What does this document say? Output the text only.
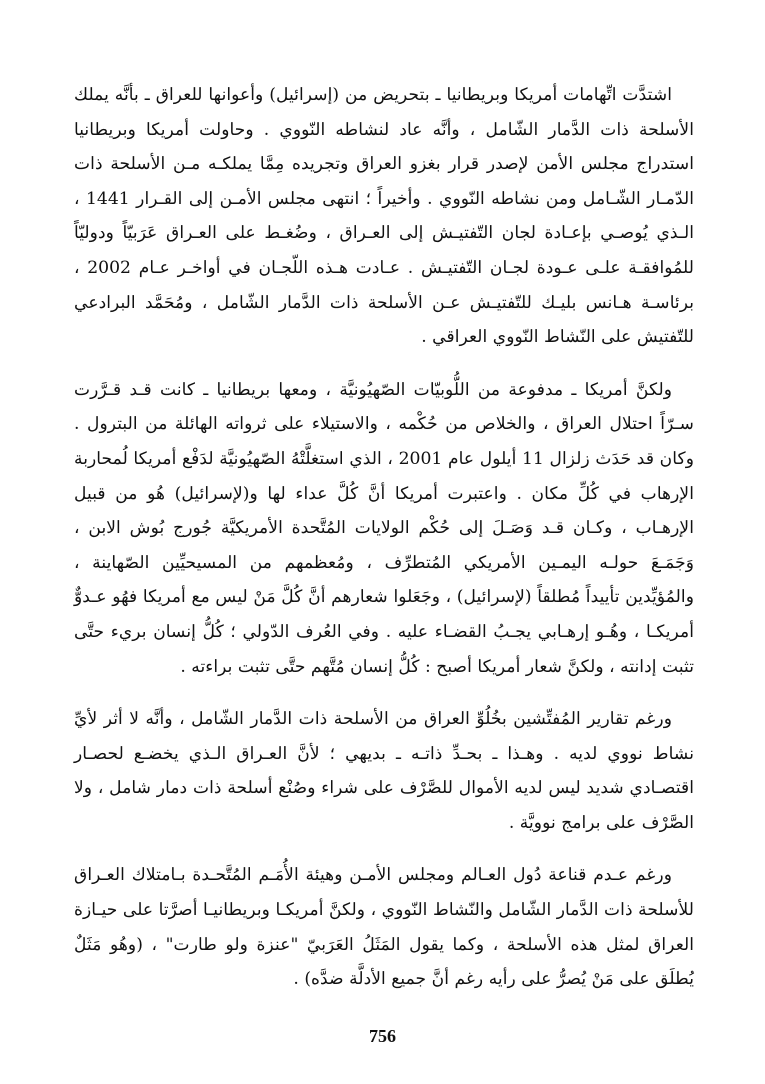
اشتدَّت اتِّهامات أمريكا وبريطانيا ـ بتحريض من (إسرائيل) وأعوانها للعراق ـ بأنَّه يملك الأسلحة ذات الدَّمار الشّامل ، وأنَّه عاد لنشاطه النّووي . وحاولت أمريكا وبريطانيا استدراج مجلس الأمن لإصدر قرار بغزو العراق وتجريده مِمَّا يملكـه مـن الأسلحة ذات الدّمـار الشّـامل ومن نشاطه النّووي . وأخيراً ؛ انتهى مجلس الأمـن إلى القـرار 1441 ، الـذي يُوصـي بإعـادة لجان التّفتيـش إلى العـراق ، وضُغـط على العـراق عَرَبيّاً ودوليّاً للمُوافقـة علـى عـودة لجـان التّفتيـش . عـادت هـذه اللّجـان في أواخـر عـام 2002 ، برئاسـة هـانس بليـك للتّفتيـش عـن الأسلحة ذات الدَّمار الشّامل ، ومُحَمَّد البرادعي للتّفتيش على النّشاط النّووي العراقي .

ولكنَّ أمريكا ـ مدفوعة من اللُّوبيّات الصّهيُونيَّة ، ومعها بريطانيا ـ كانت قـد قـرَّرت سـرّاً احتلال العراق ، والخلاص من حُكْمه ، والاستيلاء على ثرواته الهائلة من البترول . وكان قد حَدَث زلزال 11 أيلول عام 2001 ، الذي استغلَّتْهُ الصّهيُونيَّة لدَفْع أمريكا لُمحاربة الإرهاب في كُلِّ مكان . واعتبرت أمريكا أنَّ كُلَّ عداء لها و(لإسرائيل) هُو من قبيل الإرهـاب ، وكـان قـد وَصَـلَ إلى حُكْم الولايات المُتَّحدة الأمريكيَّة جُورج بُوش الابن ، وَجَمَـعَ حولـه اليمـين الأمريكي المُتطرِّف ، ومُعظمهم من المسيحيِّين الصّهاينة ، والمُؤيِّدين تأييداً مُطلقاً (لإسرائيل) ، وجَعَلوا شعارهم أنَّ كُلَّ مَنْ ليس مع أمريكا فهُو عـدوٌّ أمريكـا ، وهُـو إرهـابي يجـبُ القضـاء عليه . وفي العُرف الدّولي ؛ كُلُّ إنسان بريء حتَّى تثبت إدانته ، ولكنَّ شعار أمريكا أصبح : كُلُّ إنسان مُتَّهم حتَّى تثبت براءته .

ورغم تقارير المُفتِّشين بخُلُوِّ العراق من الأسلحة ذات الدَّمار الشّامل ، وأنَّه لا أثر لأيِّ نشاط نووي لديه . وهـذا ـ بحـدِّ ذاتـه ـ بديهي ؛ لأنَّ العـراق الـذي يخضـع لحصـار اقتصـادي شديد ليس لديه الأموال للصَّرْف على شراء وصُنْع أسلحة ذات دمار شامل ، ولا الصَّرْف على برامج نوويَّة .

ورغم عـدم قناعة دُول العـالم ومجلس الأمـن وهيئة الأُمَـم المُتَّحـدة بـامتلاك العـراق للأسلحة ذات الدَّمار الشّامل والنّشاط النّووي ، ولكنَّ أمريكـا وبريطانيـا أصرَّتا على حيـازة العراق لمثل هذه الأسلحة ، وكما يقول المَثَلُ العَرَبيّ "عنزة ولو طارت" ، (وهُو مَثَلٌ يُطلَق على مَنْ يُصرُّ على رأيه رغم أنَّ جميع الأدلَّة ضدَّه) .

756
